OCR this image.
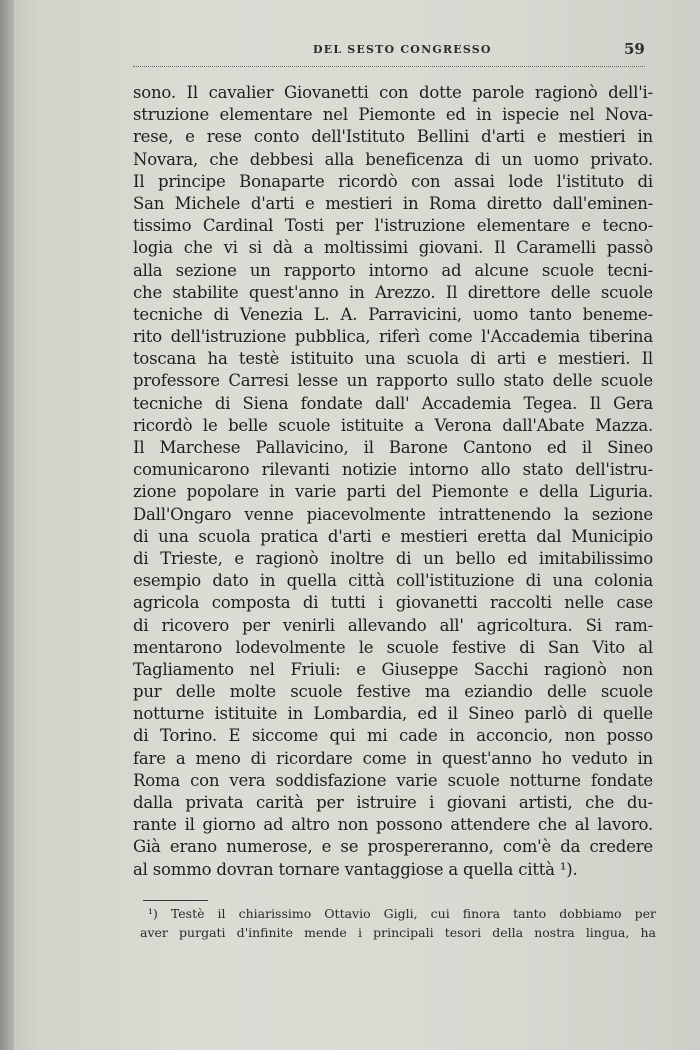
DEL SESTO CONGRESSO	59
sono. Il cavalier Giovanetti con dotte parole ragionò dell'i-
struzione elementare nel Piemonte ed in ispecie nel Nova-
rese, e rese conto dell'Istituto Bellini d'arti e mestieri in
Novara, che debbesi alla beneficenza di un uomo privato.
Il principe Bonaparte ricordò con assai lode l'istituto di
San Michele d'arti e mestieri in Roma diretto dall'eminen-
tissimo Cardinal Tosti per l'istruzione elementare e tecno-
logia che vi si dà a moltissimi giovani. Il Caramelli passò
alla sezione un rapporto intorno ad alcune scuole tecni-
che stabilite quest'anno in Arezzo. Il direttore delle scuole
tecniche di Venezia L. A. Parravicini, uomo tanto beneme-
rito dell'istruzione pubblica, riferì come l'Accademia tiberina
toscana ha testè istituito una scuola di arti e mestieri. Il
professore Carresi lesse un rapporto sullo stato delle scuole
tecniche di Siena fondate dall' Accademia Tegea. Il Gera
ricordò le belle scuole istituite a Verona dall'Abate Mazza.
Il Marchese Pallavicino, il Barone Cantono ed il Sineo
comunicarono rilevanti notizie intorno allo stato dell'istru-
zione popolare in varie parti del Piemonte e della Liguria.
Dall'Ongaro venne piacevolmente intrattenendo la sezione
di una scuola pratica d'arti e mestieri eretta dal Municipio
di Trieste, e ragionò inoltre di un bello ed imitabilissimo
esempio dato in quella città coll'istituzione di una colonia
agricola composta di tutti i giovanetti raccolti nelle case
di ricovero per venirli allevando all' agricoltura. Si ram-
mentarono lodevolmente le scuole festive di San Vito al
Tagliamento nel Friuli: e Giuseppe Sacchi ragionò non
pur delle molte scuole festive ma eziandio delle scuole
notturne istituite in Lombardia, ed il Sineo parlò di quelle
di Torino. E siccome qui mi cade in acconcio, non posso
fare a meno di ricordare come in quest'anno ho veduto in
Roma con vera soddisfazione varie scuole notturne fondate
dalla privata carità per istruire i giovani artisti, che du-
rante il giorno ad altro non possono attendere che al lavoro.
Già erano numerose, e se prospereranno, com'è da credere
al sommo dovran tornare vantaggiose a quella città ¹).
¹) Testè il chiarissimo Ottavio Gigli, cui finora tanto dobbiamo per
aver purgati d'infinite mende i principali tesori della nostra lingua, ha
